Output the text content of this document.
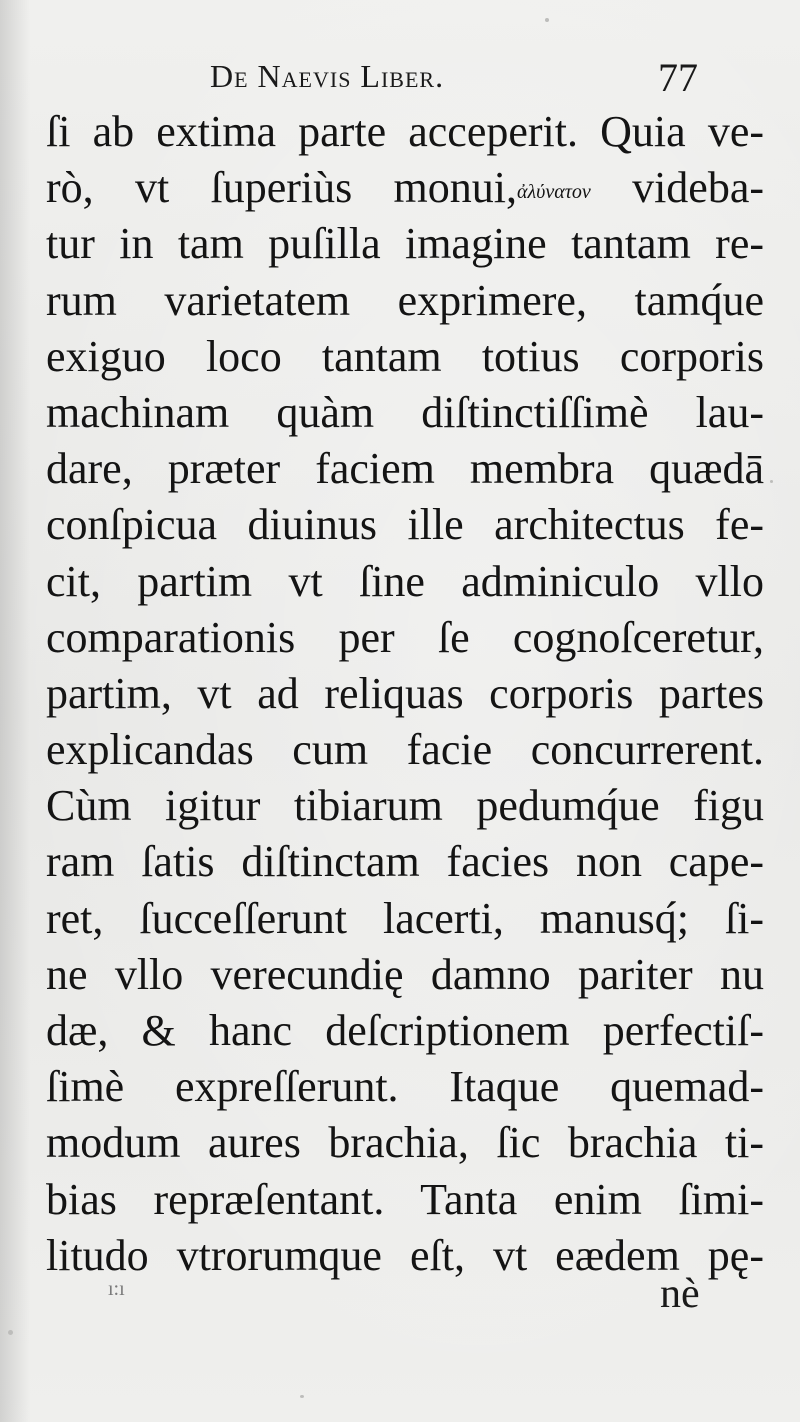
De Naevis Liber.	77
ſi ab extima parte acceperit. Quia ve-
rò, vt ſuperiùs monui,ἀλύνατον videba-
tur in tam puſilla imagine tantam re-
rum varietatem exprimere, tamq́ue
exiguo loco tantam totius corporis
machinam quàm diſtinctiſſimè lau-
dare, præter faciem membra quædā
conſpicua diuinus ille architectus fe-
cit, partim vt ſine adminiculo vllo
comparationis per ſe cognoſceretur,
partim, vt ad reliquas corporis partes
explicandas cum facie concurrerent.
Cùm igitur tibiarum pedumq́ue figu
ram ſatis diſtinctam facies non cape-
ret, ſucceſſerunt lacerti, manusq́; ſi-
ne vllo verecundię damno pariter nu
dæ, & hanc deſcriptionem perfectiſ-
ſimè expreſſerunt. Itaque quemad-
modum aures brachia, ſic brachia ti-
bias repræſentant. Tanta enim ſimi-
litudo vtrorumque eſt, vt eædem pę-
ı:ı	nè
